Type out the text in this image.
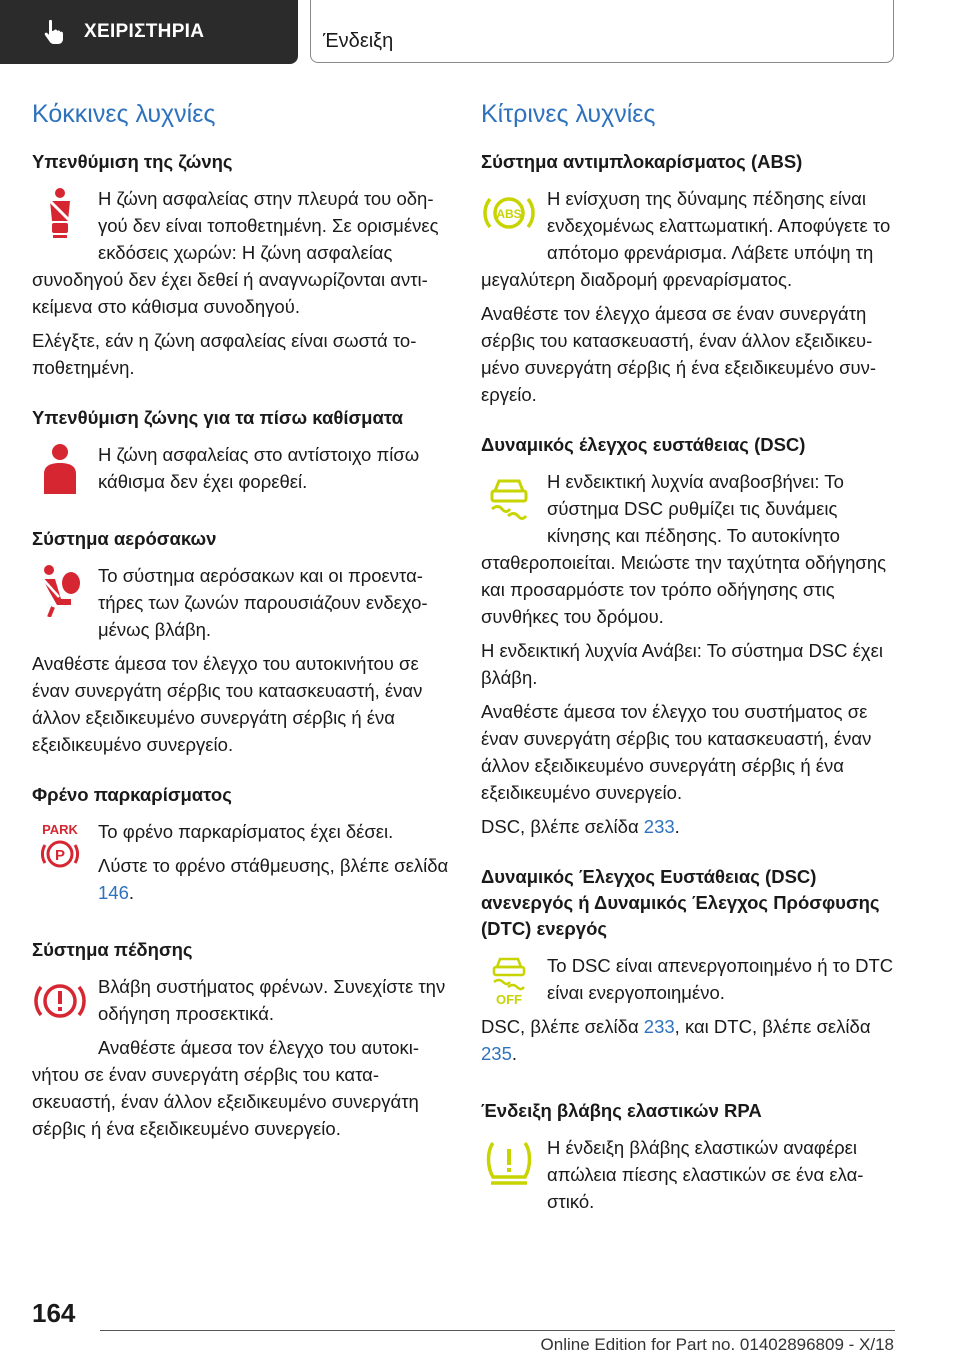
ΧΕΙΡΙΣΤΗΡΙΑ	Ένδειξη
Κόκκινες λυχνίες
Υπενθύμιση της ζώνης

Η ζώνη ασφαλείας στην πλευρά του οδηγού δεν είναι τοποθετημένη. Σε ορισμένες εκδόσεις χωρών: Η ζώνη ασφαλείας συνοδηγού δεν έχει δεθεί ή αναγνωρίζονται αντικείμενα στο κάθισμα συνοδηγού.

Ελέγξτε, εάν η ζώνη ασφαλείας είναι σωστά τοποθετημένη.

Υπενθύμιση ζώνης για τα πίσω καθίσματα

Η ζώνη ασφαλείας στο αντίστοιχο πίσω κάθισμα δεν έχει φορεθεί.

Σύστημα αερόσακων

Το σύστημα αερόσακων και οι προεντατήρες των ζωνών παρουσιάζουν ενδεχομένως βλάβη.

Αναθέστε άμεσα τον έλεγχο του αυτοκινήτου σε έναν συνεργάτη σέρβις του κατασκευαστή, έναν άλλον εξειδικευμένο συνεργάτη σέρβις ή ένα εξειδικευμένο συνεργείο.

Φρένο παρκαρίσματος
PARK
P

Το φρένο παρκαρίσματος έχει δέσει.

Λύστε το φρένο στάθμευσης, βλέπε σελίδα 146.

Σύστημα πέδησης

Βλάβη συστήματος φρένων. Συνεχίστε την οδήγηση προσεκτικά.

Αναθέστε άμεσα τον έλεγχο του αυτοκινήτου σε έναν συνεργάτη σέρβις του κατασκευαστή, έναν άλλον εξειδικευμένο συνεργάτη σέρβις ή ένα εξειδικευμένο συνεργείο.

Κίτρινες λυχνίες
Σύστημα αντιμπλοκαρίσματος (ABS)
ABS

Η ενίσχυση της δύναμης πέδησης είναι ενδεχομένως ελαττωματική. Αποφύγετε το απότομο φρενάρισμα. Λάβετε υπόψη τη μεγαλύτερη διαδρομή φρεναρίσματος.

Αναθέστε τον έλεγχο άμεσα σε έναν συνεργάτη σέρβις του κατασκευαστή, έναν άλλον εξειδικευμένο συνεργάτη σέρβις ή ένα εξειδικευμένο συνεργείο.

Δυναμικός έλεγχος ευστάθειας (DSC)

Η ενδεικτική λυχνία αναβοσβήνει: Το σύστημα DSC ρυθμίζει τις δυνάμεις κίνησης και πέδησης. Το αυτοκίνητο σταθεροποιείται. Μειώστε την ταχύτητα οδήγησης και προσαρμόστε τον τρόπο οδήγησης στις συνθήκες του δρόμου.

Η ενδεικτική λυχνία Ανάβει: Το σύστημα DSC έχει βλάβη.

Αναθέστε άμεσα τον έλεγχο του συστήματος σε έναν συνεργάτη σέρβις του κατασκευαστή, έναν άλλον εξειδικευμένο συνεργάτη σέρβις ή ένα εξειδικευμένο συνεργείο.

DSC, βλέπε σελίδα 233.

Δυναμικός Έλεγχος Ευστάθειας (DSC) ανενεργός ή Δυναμικός Έλεγχος Πρόσφυσης (DTC) ενεργός
OFF

Το DSC είναι απενεργοποιημένο ή το DTC είναι ενεργοποιημένο.

DSC, βλέπε σελίδα 233, και DTC, βλέπε σελίδα 235.

Ένδειξη βλάβης ελαστικών RPA

Η ένδειξη βλάβης ελαστικών αναφέρει απώλεια πίεσης ελαστικών σε ένα ελαστικό.

164
Online Edition for Part no. 01402896809 - X/18
